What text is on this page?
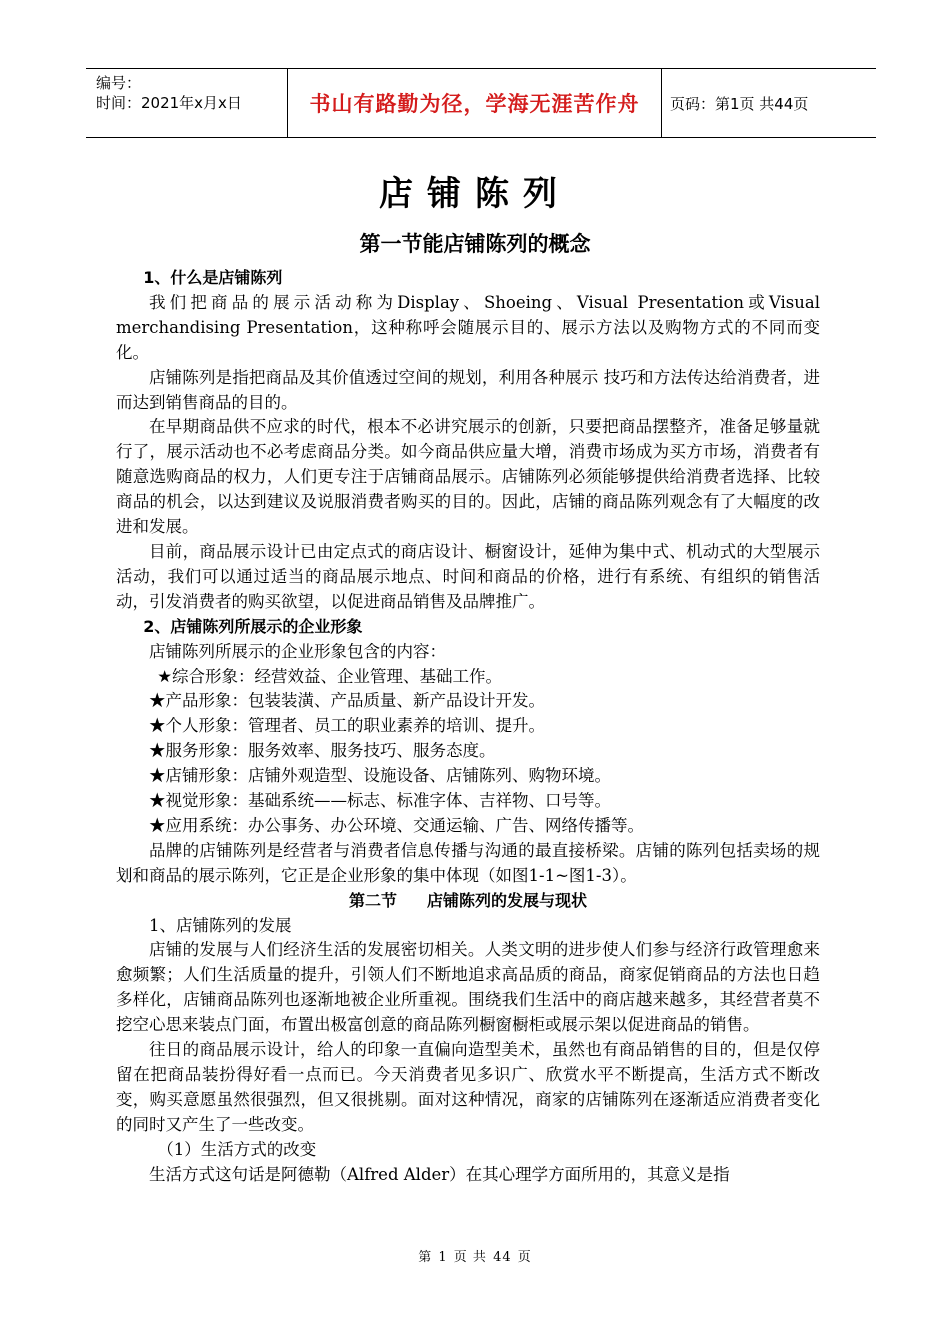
编号：
时间：2021年x月x日	书山有路勤为径，学海无涯苦作舟	页码：第1页 共44页
店铺陈列
第一节能店铺陈列的概念

1、什么是店铺陈列

我们把商品的展示活动称为Display、Shoeing、Visual Presentation或Visual merchandising Presentation，这种称呼会随展示目的、展示方法以及购物方式的不同而变化。

店铺陈列是指把商品及其价值透过空间的规划，利用各种展示 技巧和方法传达给消费者，进而达到销售商品的目的。

在早期商品供不应求的时代，根本不必讲究展示的创新，只要把商品摆整齐，准备足够量就行了，展示活动也不必考虑商品分类。如今商品供应量大增，消费市场成为买方市场，消费者有随意选购商品的权力，人们更专注于店铺商品展示。店铺陈列必须能够提供给消费者选择、比较商品的机会，以达到建议及说服消费者购买的目的。因此，店铺的商品陈列观念有了大幅度的改进和发展。

目前，商品展示设计已由定点式的商店设计、橱窗设计，延伸为集中式、机动式的大型展示活动，我们可以通过适当的商品展示地点、时间和商品的价格，进行有系统、有组织的销售活动，引发消费者的购买欲望，以促进商品销售及品牌推广。

2、店铺陈列所展示的企业形象

店铺陈列所展示的企业形象包含的内容：

★综合形象：经营效益、企业管理、基础工作。

★产品形象：包装装潢、产品质量、新产品设计开发。

★个人形象：管理者、员工的职业素养的培训、提升。

★服务形象：服务效率、服务技巧、服务态度。

★店铺形象：店铺外观造型、设施设备、店铺陈列、购物环境。

★视觉形象：基础系统——标志、标准字体、吉祥物、口号等。

★应用系统：办公事务、办公环境、交通运输、广告、网络传播等。

品牌的店铺陈列是经营者与消费者信息传播与沟通的最直接桥梁。店铺的陈列包括卖场的规划和商品的展示陈列，它正是企业形象的集中体现（如图1-1~图1-3）。

第二节 店铺陈列的发展与现状

1、店铺陈列的发展

店铺的发展与人们经济生活的发展密切相关。人类文明的进步使人们参与经济行政管理愈来愈频繁；人们生活质量的提升，引领人们不断地追求高品质的商品，商家促销商品的方法也日趋多样化，店铺商品陈列也逐渐地被企业所重视。围绕我们生活中的商店越来越多，其经营者莫不挖空心思来装点门面，布置出极富创意的商品陈列橱窗橱柜或展示架以促进商品的销售。

往日的商品展示设计，给人的印象一直偏向造型美术，虽然也有商品销售的目的，但是仅停留在把商品装扮得好看一点而已。今天消费者见多识广、欣赏水平不断提高，生活方式不断改变，购买意愿虽然很强烈，但又很挑剔。面对这种情况，商家的店铺陈列在逐渐适应消费者变化的同时又产生了一些改变。

（1）生活方式的改变

生活方式这句话是阿德勒（Alfred Alder）在其心理学方面所用的，其意义是指

第 1 页 共 44 页
